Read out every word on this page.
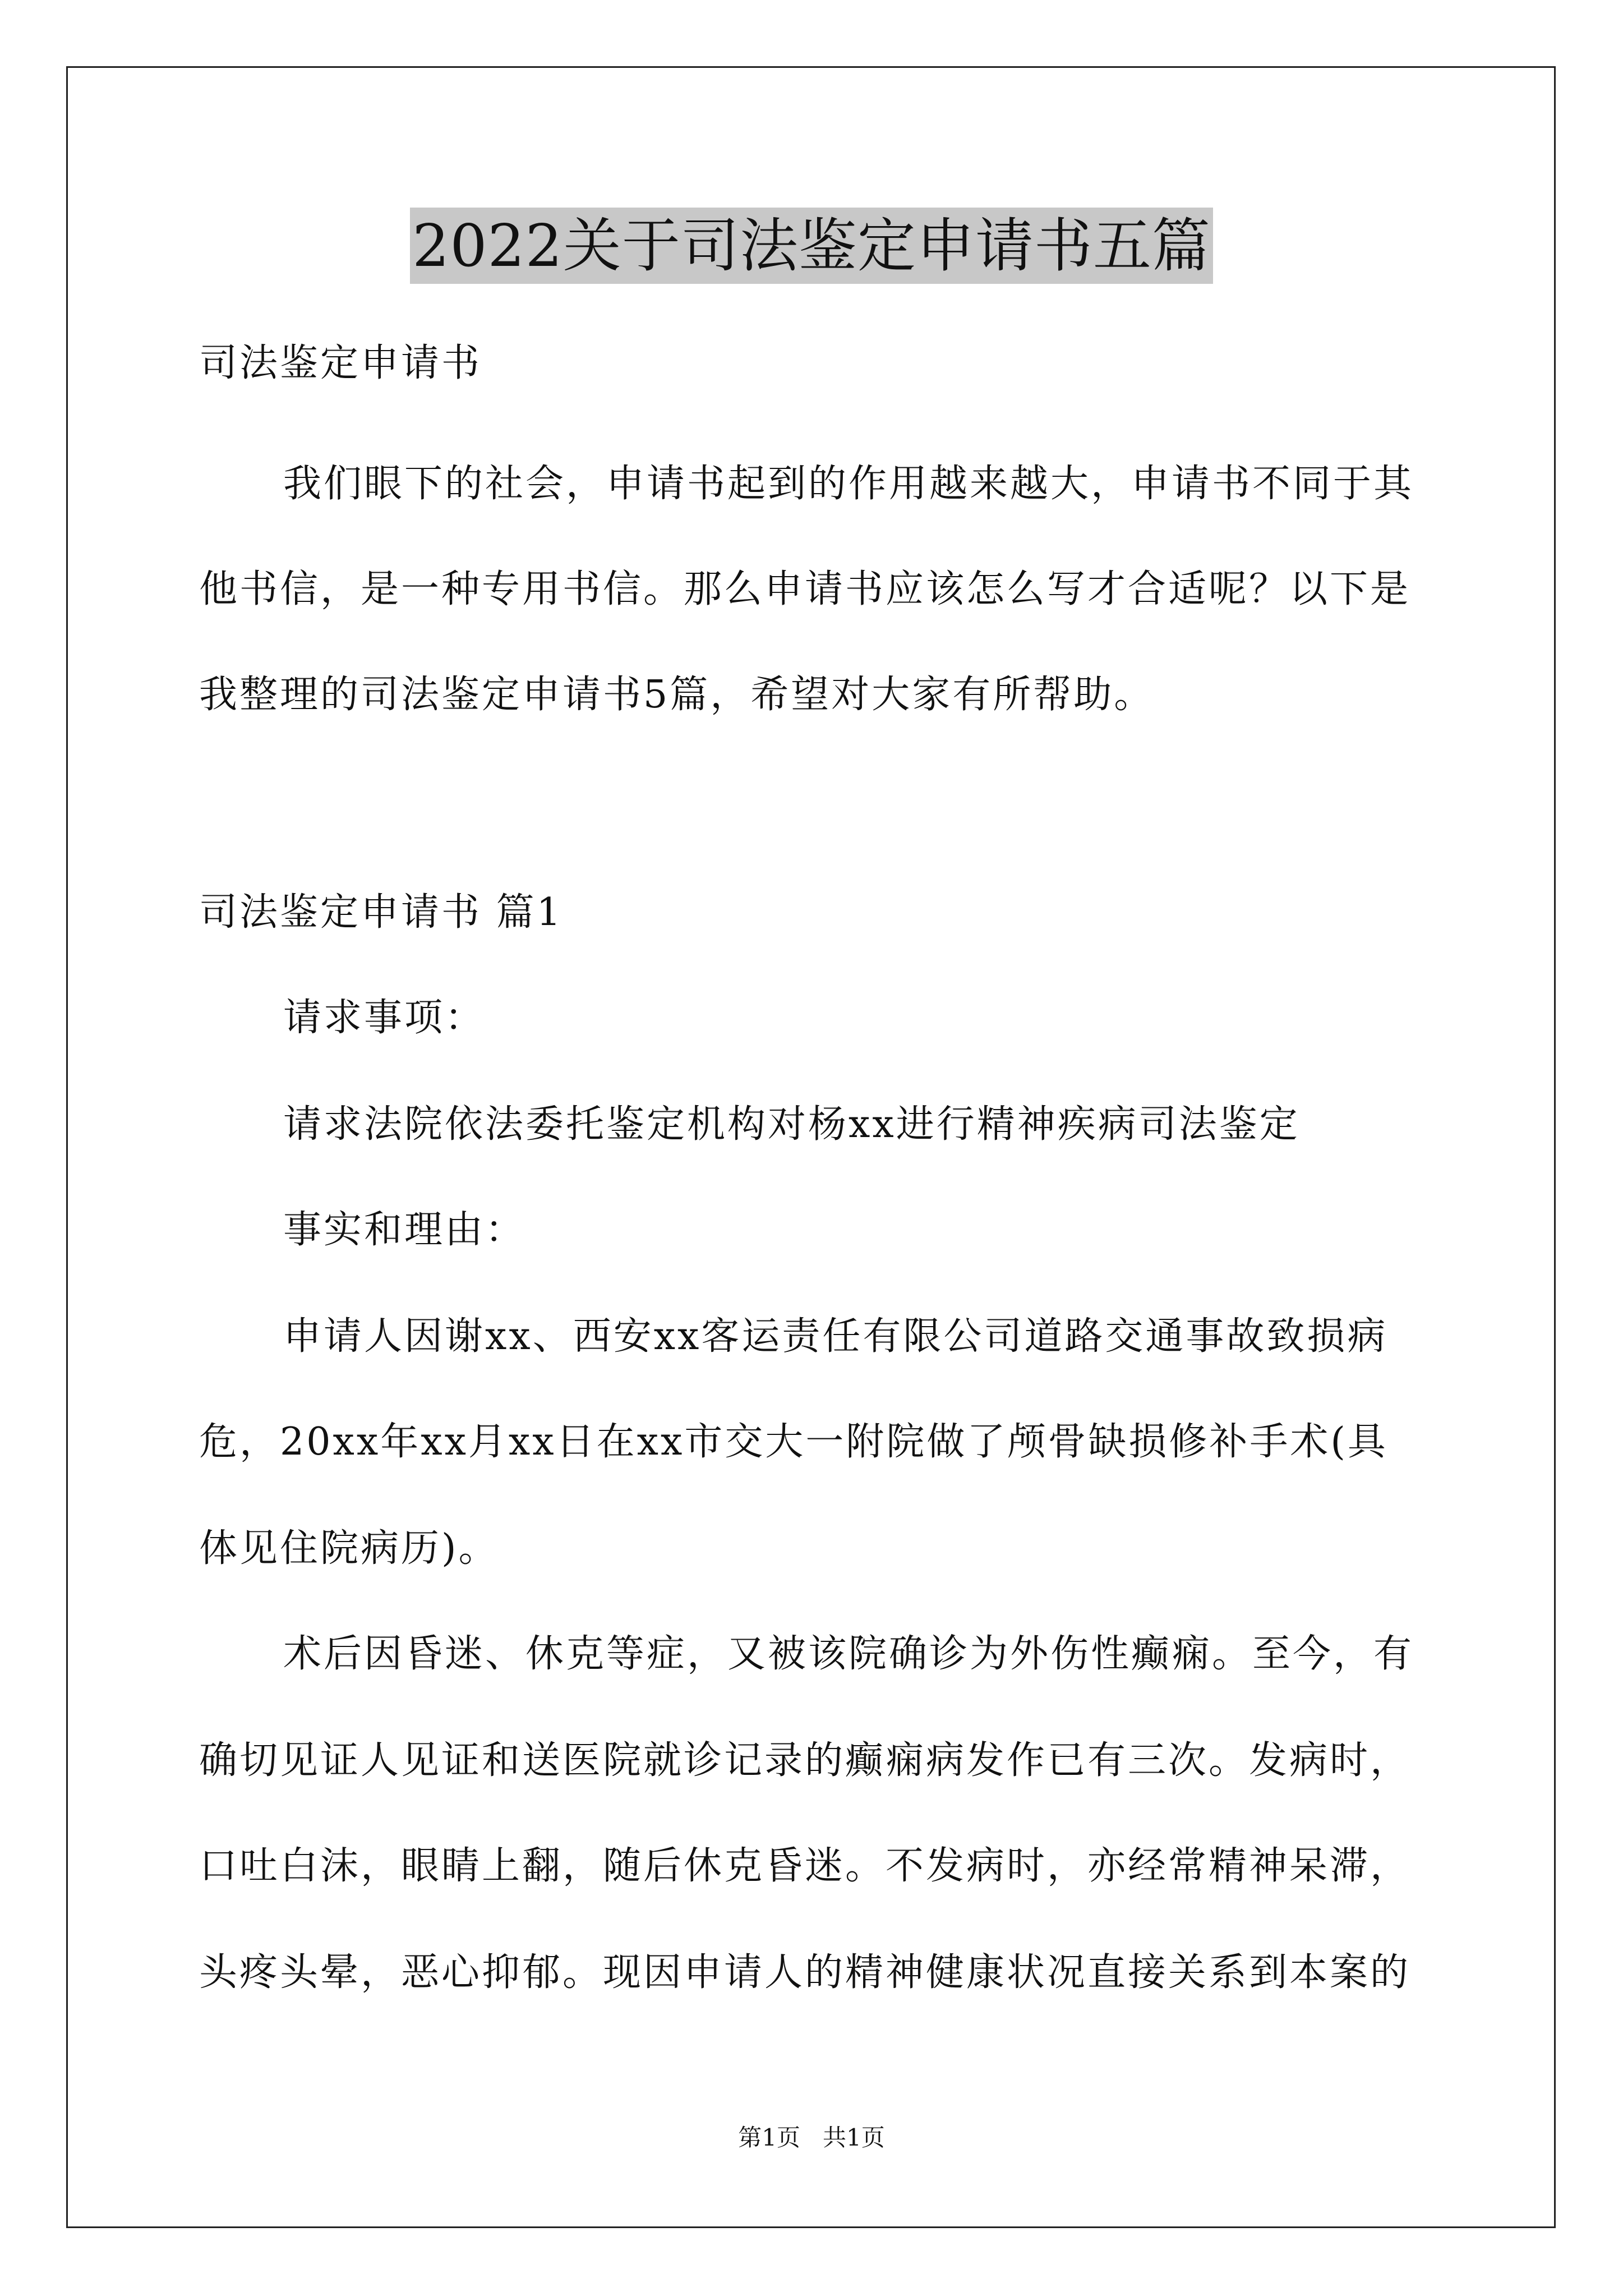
2022关于司法鉴定申请书五篇
司法鉴定申请书
我们眼下的社会，申请书起到的作用越来越大，申请书不同于其
他书信，是一种专用书信。那么申请书应该怎么写才合适呢？以下是
我整理的司法鉴定申请书5篇，希望对大家有所帮助。
司法鉴定申请书 篇1
请求事项：
请求法院依法委托鉴定机构对杨xx进行精神疾病司法鉴定
事实和理由：
申请人因谢xx、西安xx客运责任有限公司道路交通事故致损病
危，20xx年xx月xx日在xx市交大一附院做了颅骨缺损修补手术(具
体见住院病历)。
术后因昏迷、休克等症，又被该院确诊为外伤性癫痫。至今，有
确切见证人见证和送医院就诊记录的癫痫病发作已有三次。发病时，
口吐白沫，眼睛上翻，随后休克昏迷。不发病时，亦经常精神呆滞，
头疼头晕，恶心抑郁。现因申请人的精神健康状况直接关系到本案的
第1页   共1页
